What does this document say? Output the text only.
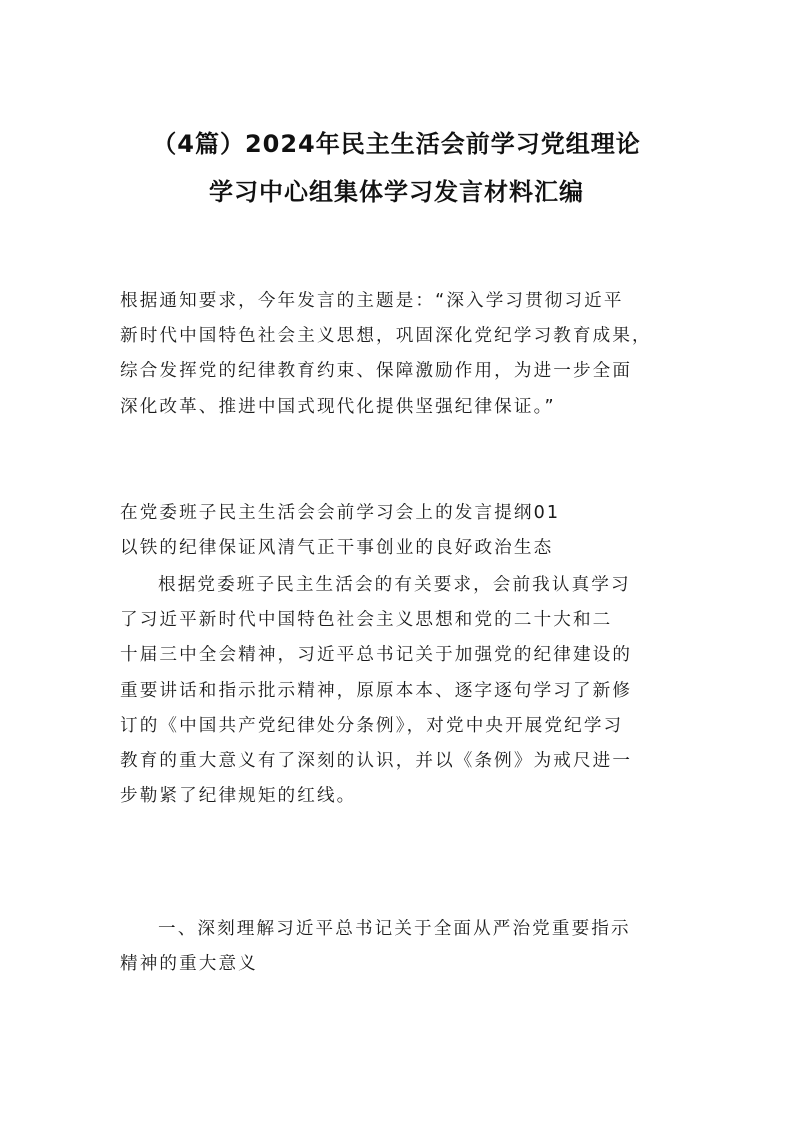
（4篇）2024年民主生活会前学习党组理论
学习中心组集体学习发言材料汇编
根据通知要求，今年发言的主题是：“深入学习贯彻习近平
新时代中国特色社会主义思想，巩固深化党纪学习教育成果，
综合发挥党的纪律教育约束、保障激励作用，为进一步全面
深化改革、推进中国式现代化提供坚强纪律保证。”
在党委班子民主生活会会前学习会上的发言提纲01
以铁的纪律保证风清气正干事创业的良好政治生态
根据党委班子民主生活会的有关要求，会前我认真学习
了习近平新时代中国特色社会主义思想和党的二十大和二
十届三中全会精神，习近平总书记关于加强党的纪律建设的
重要讲话和指示批示精神，原原本本、逐字逐句学习了新修
订的《中国共产党纪律处分条例》，对党中央开展党纪学习
教育的重大意义有了深刻的认识，并以《条例》为戒尺进一
步勒紧了纪律规矩的红线。
一、深刻理解习近平总书记关于全面从严治党重要指示
精神的重大意义
